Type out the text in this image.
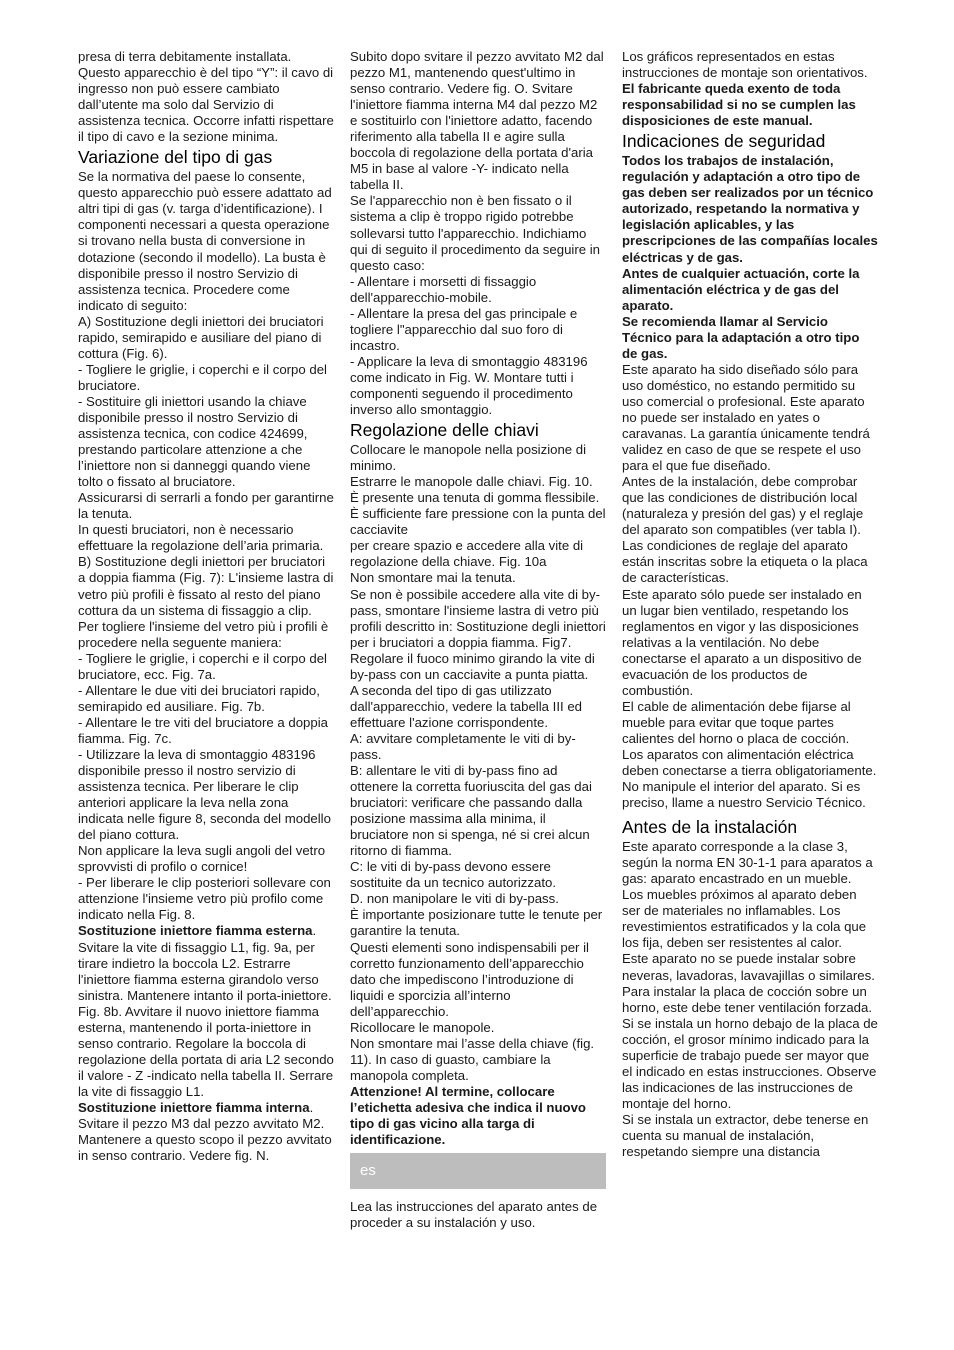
presa di terra debitamente installata. Questo apparecchio è del tipo “Y”: il cavo di ingresso non può essere cambiato dall’utente ma solo dal Servizio di assistenza tecnica. Occorre infatti rispettare il tipo di cavo e la sezione minima.

Variazione del tipo di gas

Se la normativa del paese lo consente, questo apparecchio può essere adattato ad altri tipi di gas (v. targa d’identificazione). I componenti necessari a questa operazione si trovano nella busta di conversione in dotazione (secondo il modello). La busta è disponibile presso il nostro Servizio di assistenza tecnica. Procedere come indicato di seguito:

A) Sostituzione degli iniettori dei bruciatori rapido, semirapido e ausiliare del piano di cottura (Fig. 6).

- Togliere le griglie, i coperchi e il corpo del bruciatore.

- Sostituire gli iniettori usando la chiave disponibile presso il nostro Servizio di assistenza tecnica, con codice 424699, prestando particolare attenzione a che l’iniettore non si danneggi quando viene tolto o fissato al bruciatore.

Assicurarsi di serrarli a fondo per garantirne la tenuta.

In questi bruciatori, non è necessario effettuare la regolazione dell’aria primaria.

B) Sostituzione degli iniettori per bruciatori a doppia fiamma (Fig. 7): L'insieme lastra di vetro più profili è fissato al resto del piano cottura da un sistema di fissaggio a clip. Per togliere l'insieme del vetro più i profili è procedere nella seguente maniera:

- Togliere le griglie, i coperchi e il corpo del bruciatore, ecc. Fig. 7a.

- Allentare le due viti dei bruciatori rapido, semirapido ed ausiliare. Fig. 7b.

- Allentare le tre viti del bruciatore a doppia fiamma. Fig. 7c.

- Utilizzare la leva di smontaggio 483196 disponibile presso il nostro servizio di assistenza tecnica. Per liberare le clip anteriori applicare la leva nella zona indicata nelle figure 8, seconda del modello del piano cottura.

Non applicare la leva sugli angoli del vetro sprovvisti di profilo o cornice!

- Per liberare le clip posteriori sollevare con attenzione l'insieme vetro più profilo come indicato nella Fig. 8.

Sostituzione iniettore fiamma esterna. Svitare la vite di fissaggio L1, fig. 9a, per tirare indietro la boccola L2. Estrarre l'iniettore fiamma esterna girandolo verso sinistra. Mantenere intanto il porta-iniettore. Fig. 8b. Avvitare il nuovo iniettore fiamma esterna, mantenendo il porta-iniettore in senso contrario. Regolare la boccola di regolazione della portata di aria L2 secondo il valore - Z -indicato nella tabella II. Serrare la vite di fissaggio L1.

Sostituzione iniettore fiamma interna. Svitare il pezzo M3 dal pezzo avvitato M2. Mantenere a questo scopo il pezzo avvitato in senso contrario. Vedere fig. N.

Subito dopo svitare il pezzo avvitato M2 dal pezzo M1, mantenendo quest'ultimo in senso contrario. Vedere fig. O. Svitare l'iniettore fiamma interna M4 dal pezzo M2 e sostituirlo con l'iniettore adatto, facendo riferimento alla tabella II e agire sulla boccola di regolazione della portata d'aria M5 in base al valore -Y- indicato nella tabella II.

Se l'apparecchio non è ben fissato o il sistema a clip è troppo rigido potrebbe sollevarsi tutto l'apparecchio. Indichiamo qui di seguito il procedimento da seguire in questo caso:

- Allentare i morsetti di fissaggio dell'apparecchio-mobile.

- Allentare la presa del gas principale e togliere l"apparecchio dal suo foro di incastro.

- Applicare la leva di smontaggio 483196 come indicato in Fig. W. Montare tutti i componenti seguendo il procedimento inverso allo smontaggio.

Regolazione delle chiavi

Collocare le manopole nella posizione di minimo.

Estrarre le manopole dalle chiavi. Fig. 10.

È presente una tenuta di gomma flessibile.

È sufficiente fare pressione con la punta del cacciavite

per creare spazio e accedere alla vite di regolazione della chiave. Fig. 10a

Non smontare mai la tenuta.

Se non è possibile accedere alla vite di by-pass, smontare l'insieme lastra di vetro più profili descritto in: Sostituzione degli iniettori per i bruciatori a doppia fiamma. Fig7.

Regolare il fuoco minimo girando la vite di by-pass con un cacciavite a punta piatta.

A seconda del tipo di gas utilizzato dall'apparecchio, vedere la tabella III ed effettuare l'azione corrispondente.

A: avvitare completamente le viti di by-pass.

B: allentare le viti di by-pass fino ad ottenere la corretta fuoriuscita del gas dai bruciatori: verificare che passando dalla posizione massima alla minima, il bruciatore non si spenga, né si crei alcun ritorno di fiamma.

C: le viti di by-pass devono essere sostituite da un tecnico autorizzato.

D. non manipolare le viti di by-pass.

È importante posizionare tutte le tenute per garantire la tenuta.

Questi elementi sono indispensabili per il corretto funzionamento dell’apparecchio dato che impediscono l’introduzione di liquidi e sporcizia all’interno dell’apparecchio.

Ricollocare le manopole.

Non smontare mai l’asse della chiave (fig. 11). In caso di guasto, cambiare la manopola completa.

Attenzione! Al termine, collocare l’etichetta adesiva che indica il nuovo tipo di gas vicino alla targa di identificazione.

es

Lea las instrucciones del aparato antes de proceder a su instalación y uso.

Los gráficos representados en estas instrucciones de montaje son orientativos.

El fabricante queda exento de toda responsabilidad si no se cumplen las disposiciones de este manual.

Indicaciones de seguridad

Todos los trabajos de instalación, regulación y adaptación a otro tipo de gas deben ser realizados por un técnico autorizado, respetando la normativa y legislación aplicables, y las prescripciones de las compañías locales eléctricas y de gas.

Antes de cualquier actuación, corte la alimentación eléctrica y de gas del aparato.

Se recomienda llamar al Servicio Técnico para la adaptación a otro tipo de gas.

Este aparato ha sido diseñado sólo para uso doméstico, no estando permitido su uso comercial o profesional. Este aparato no puede ser instalado en yates o caravanas. La garantía únicamente tendrá validez en caso de que se respete el uso para el que fue diseñado.

Antes de la instalación, debe comprobar que las condiciones de distribución local (naturaleza y presión del gas) y el reglaje del aparato son compatibles (ver tabla I). Las condiciones de reglaje del aparato están inscritas sobre la etiqueta o la placa de características.

Este aparato sólo puede ser instalado en un lugar bien ventilado, respetando los reglamentos en vigor y las disposiciones relativas a la ventilación. No debe conectarse el aparato a un dispositivo de evacuación de los productos de combustión.

El cable de alimentación debe fijarse al mueble para evitar que toque partes calientes del horno o placa de cocción.

Los aparatos con alimentación eléctrica deben conectarse a tierra obligatoriamente.

No manipule el interior del aparato. Si es preciso, llame a nuestro Servicio Técnico.

Antes de la instalación

Este aparato corresponde a la clase 3, según la norma EN 30-1-1 para aparatos a gas: aparato encastrado en un mueble.

Los muebles próximos al aparato deben ser de materiales no inflamables. Los revestimientos estratificados y la cola que los fija, deben ser resistentes al calor.

Este aparato no se puede instalar sobre neveras, lavadoras, lavavajillas o similares.

Para instalar la placa de cocción sobre un horno, este debe tener ventilación forzada.

Si se instala un horno debajo de la placa de cocción, el grosor mínimo indicado para la superficie de trabajo puede ser mayor que el indicado en estas instrucciones. Observe las indicaciones de las instrucciones de montaje del horno.

Si se instala un extractor, debe tenerse en cuenta su manual de instalación, respetando siempre una distancia
